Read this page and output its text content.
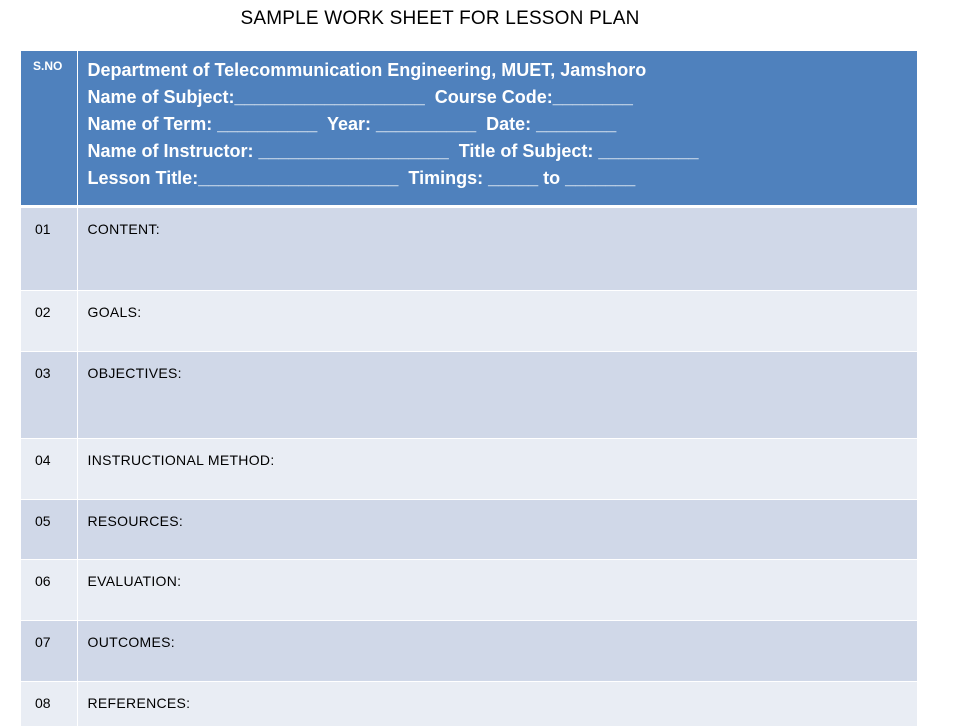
SAMPLE WORK SHEET FOR LESSON PLAN
S.NO	Department of Telecommunication Engineering, MUET, Jamshoro
Name of Subject:___________________  Course Code:________
Name of Term: __________  Year: __________  Date: ________
Name of Instructor: ___________________  Title of Subject: __________
Lesson Title:____________________  Timings: _____ to _______

01	CONTENT:
02	GOALS:
03	OBJECTIVES:
04	INSTRUCTIONAL METHOD:
05	RESOURCES:
06	EVALUATION:
07	OUTCOMES:
08	REFERENCES:
